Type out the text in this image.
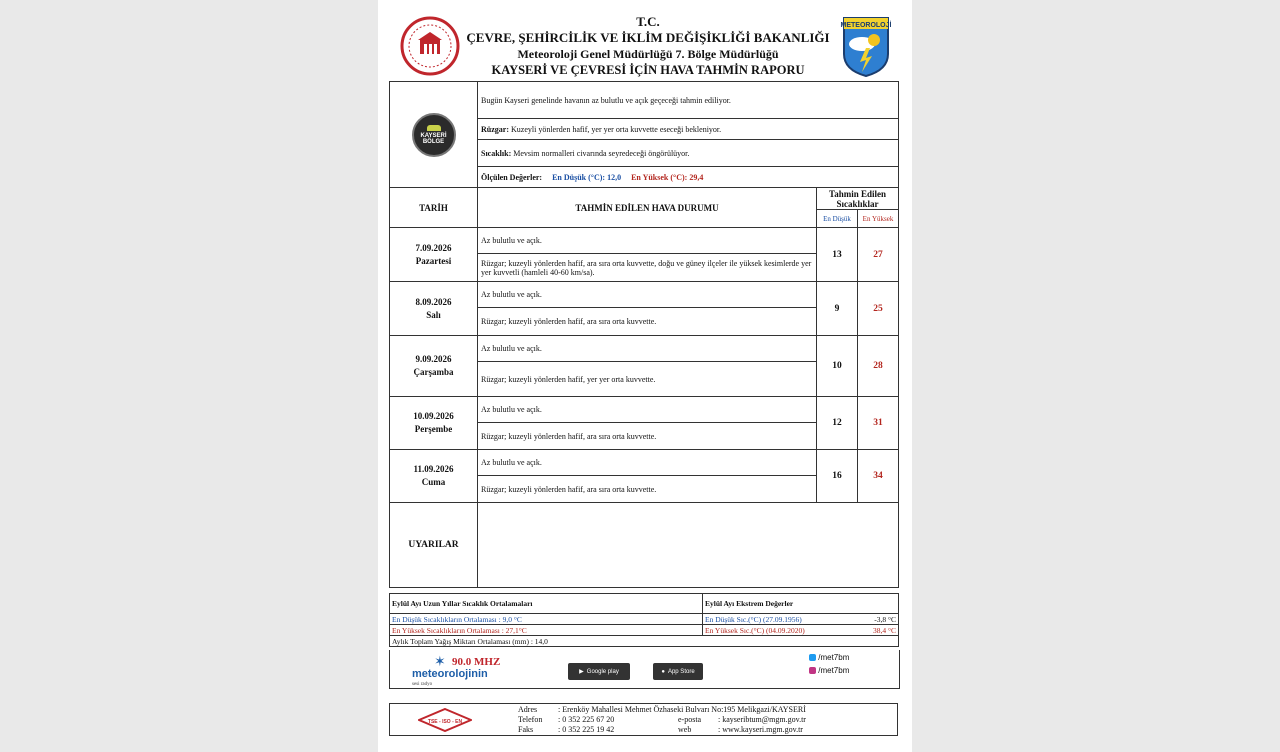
T.C.
ÇEVRE, ŞEHİRCİLİK VE İKLİM DEĞİŞİKLİĞİ BAKANLIĞI
Meteoroloji Genel Müdürlüğü 7. Bölge Müdürlüğü
KAYSERİ VE ÇEVRESİ İÇİN HAVA TAHMİN RAPORU
METEOROLOJİ
KAYSERİ
BÖLGE	Bugün Kayseri genelinde havanın az bulutlu ve açık geçeceği tahmin ediliyor.		
	Rüzgar: Kuzeyli yönlerden hafif, yer yer orta kuvvette eseceği bekleniyor.		
	Sıcaklık: Mevsim normalleri civarında seyredeceği öngörülüyor.		
	Ölçülen Değerler: En Düşük (°C): 12,0 En Yüksek (°C): 29,4		
TARİH	TAHMİN EDİLEN HAVA DURUMU	Tahmin Edilen Sıcaklıklar	
		En Düşük	En Yüksek

7.09.2026
Pazartesi	Az bulutlu ve açık.	13	27
	Rüzgar; kuzeyli yönlerden hafif, ara sıra orta kuvvette, doğu ve güney ilçeler ile yüksek kesimlerde yer yer kuvvetli (hamleli 40-60 km/sa).		

8.09.2026
Salı	Az bulutlu ve açık.	9	25
	Rüzgar; kuzeyli yönlerden hafif, ara sıra orta kuvvette.		

9.09.2026
Çarşamba	Az bulutlu ve açık.	10	28
	Rüzgar; kuzeyli yönlerden hafif, yer yer orta kuvvette.		

10.09.2026
Perşembe	Az bulutlu ve açık.	12	31
	Rüzgar; kuzeyli yönlerden hafif, ara sıra orta kuvvette.		

11.09.2026
Cuma	Az bulutlu ve açık.	16	34
	Rüzgar; kuzeyli yönlerden hafif, ara sıra orta kuvvette.		
UYARILAR			
Eylül Ayı Uzun Yıllar Sıcaklık Ortalamaları	Eylül Ayı Ekstrem Değerler	
En Düşük Sıcaklıkların Ortalaması : 9,0 °C	En Düşük Sıc.(°C) (27.09.1956)	-3,8 °C
En Yüksek Sıcaklıkların Ortalaması : 27,1°C	En Yüksek Sıc.(°C) (04.09.2020)	38,4 °C
Aylık Toplam Yağış Miktarı Ortalaması (mm) : 14,0		
✶ 90.0 MHZ
meteorolojinin
sesi radyo
▶ Google play	● App Store
/met7bm
/met7bm
TSE - ISO - EN
Adres	: Erenköy Mahallesi Mehmet Özhaseki Bulvarı No:195 Melikgazi/KAYSERİ
Telefon : 0 352 225 67 20	e-posta : kayseribtum@mgm.gov.tr
Faks	: 0 352 225 19 42	web	: www.kayseri.mgm.gov.tr
